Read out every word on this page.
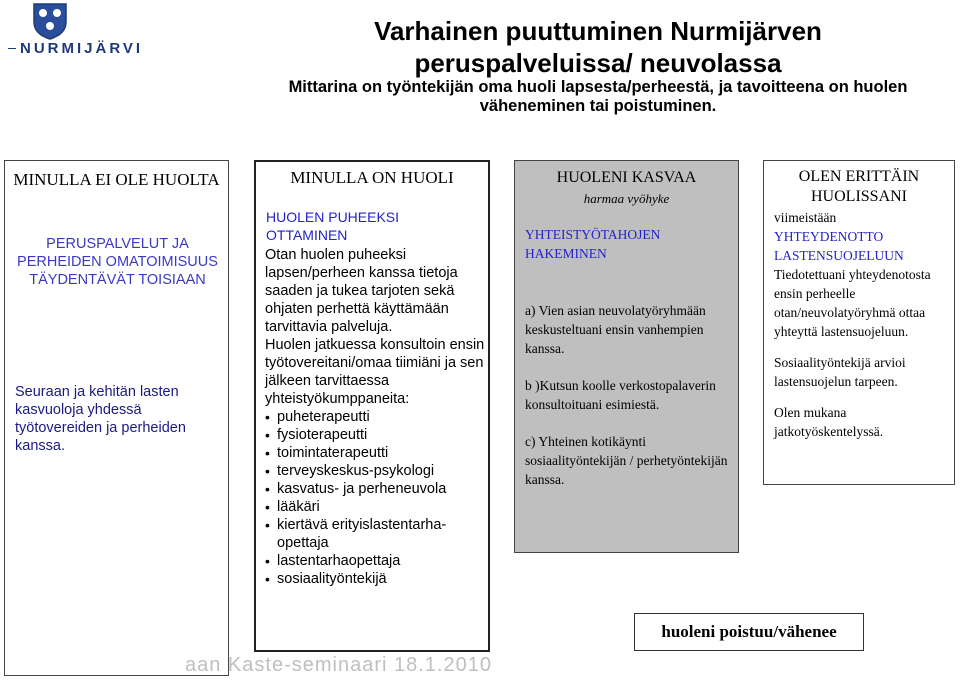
NURMIJÄRVI
Varhainen puuttuminen Nurmijärven
peruspalveluissa/ neuvolassa
Mittarina on työntekijän oma huoli lapsesta/perheestä, ja tavoitteena on huolen
väheneminen tai poistuminen.
MINULLA EI OLE HUOLTA
PERUSPALVELUT JA PERHEIDEN OMATOIMISUUS TÄYDENTÄVÄT TOISIAAN
Seuraan ja kehitän lasten kasvuoloja yhdessä työtovereiden ja perheiden kanssa.
MINULLA ON HUOLI
HUOLEN PUHEEKSI OTTAMINEN
Otan huolen puheeksi lapsen/perheen kanssa tietoja saaden ja tukea tarjoten sekä ohjaten perhettä käyttämään tarvittavia palveluja.
Huolen jatkuessa konsultoin ensin työtovereitani/omaa tiimiäni ja sen jälkeen tarvittaessa yhteistyökumppaneita:
• puheterapeutti
• fysioterapeutti
• toimintaterapeutti
• terveyskeskus-psykologi
• kasvatus- ja perheneuvola
• lääkäri
• kiertävä erityislastentarha-opettaja
• lastentarhaopettaja
• sosiaalityöntekijä
HUOLENI KASVAA
harmaa vyöhyke
YHTEISTYÖTAHOJEN HAKEMINEN

a) Vien asian neuvolatyöryhmään keskusteltuani ensin vanhempien kanssa.

b )Kutsun koolle verkostopalaverin konsultoituani esimiestä.

c) Yhteinen kotikäynti sosiaalityöntekijän / perhetyöntekijän kanssa.

OLEN ERITTÄIN HUOLISSANI

viimeistään
YHTEYDENOTTO LASTENSUOJELUUN
Tiedotettuani yhteydenotosta ensin perheelle otan/neuvolatyöryhmä ottaa yhteyttä lastensuojeluun.

Sosiaalityöntekijä arvioi lastensuojelun tarpeen.

Olen mukana jatkotyöskentelyssä.

huoleni poistuu/vähenee
aan Kaste-seminaari 18.1.2010
